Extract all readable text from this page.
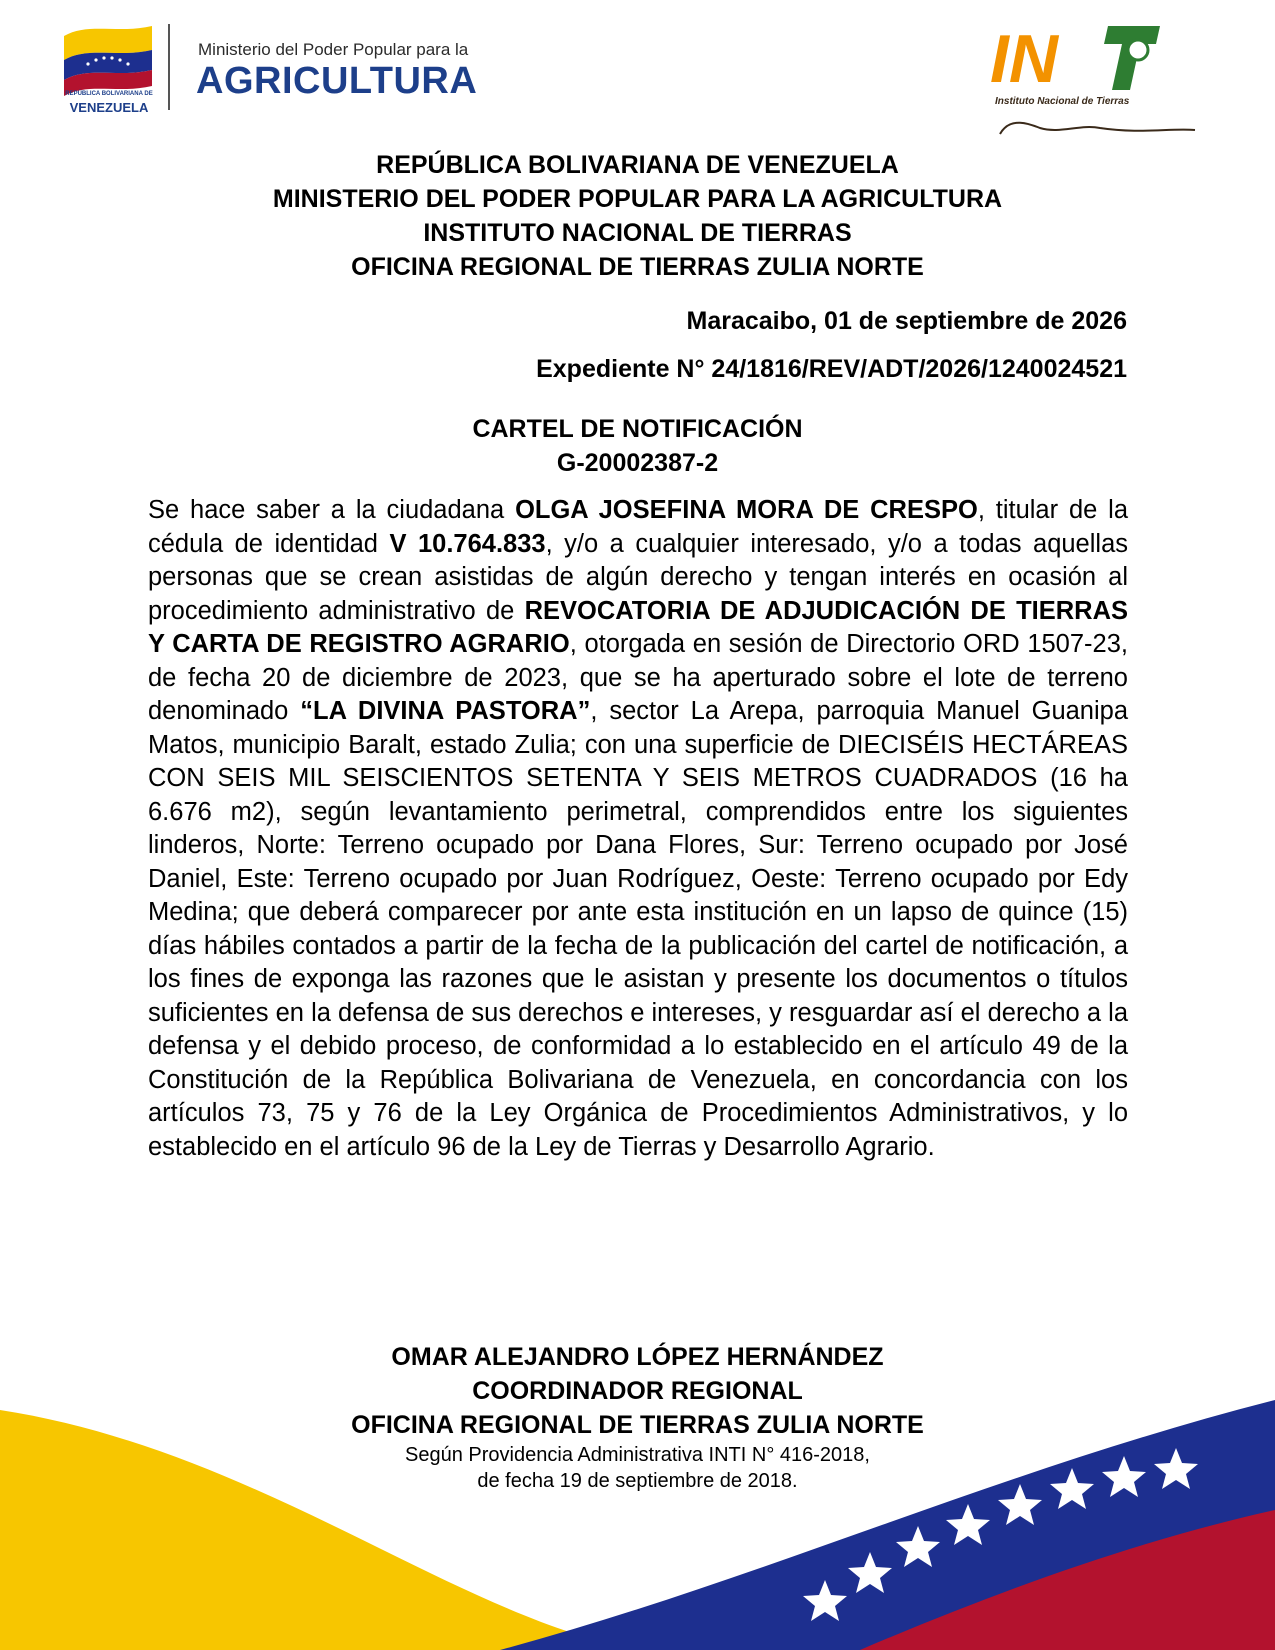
Ministerio del Poder Popular para la
AGRICULTURA
REPÚBLICA BOLIVARIANA DE
VENEZUELA
IN
Instituto Nacional de Tierras
REPÚBLICA BOLIVARIANA DE VENEZUELA
MINISTERIO DEL PODER POPULAR PARA LA AGRICULTURA
INSTITUTO NACIONAL DE TIERRAS
OFICINA REGIONAL DE TIERRAS ZULIA NORTE
Maracaibo, 01 de septiembre de 2026
Expediente N° 24/1816/REV/ADT/2026/1240024521
CARTEL DE NOTIFICACIÓN
G-20002387-2

Se hace saber a la ciudadana OLGA JOSEFINA MORA DE CRESPO, titular de la cédula de identidad V 10.764.833, y/o a cualquier interesado, y/o a todas aquellas personas que se crean asistidas de algún derecho y tengan interés en ocasión al procedimiento administrativo de REVOCATORIA DE ADJUDICACIÓN DE TIERRAS Y CARTA DE REGISTRO AGRARIO, otorgada en sesión de Directorio ORD 1507-23, de fecha 20 de diciembre de 2023, que se ha aperturado sobre el lote de terreno denominado “LA DIVINA PASTORA”, sector La Arepa, parroquia Manuel Guanipa Matos, municipio Baralt, estado Zulia; con una superficie de DIECISÉIS HECTÁREAS CON SEIS MIL SEISCIENTOS SETENTA Y SEIS METROS CUADRADOS (16 ha 6.676 m2), según levantamiento perimetral, comprendidos entre los siguientes linderos, Norte: Terreno ocupado por Dana Flores, Sur: Terreno ocupado por José Daniel, Este: Terreno ocupado por Juan Rodríguez, Oeste: Terreno ocupado por Edy Medina; que deberá comparecer por ante esta institución en un lapso de quince (15) días hábiles contados a partir de la fecha de la publicación del cartel de notificación, a los fines de exponga las razones que le asistan y presente los documentos o títulos suficientes en la defensa de sus derechos e intereses, y resguardar así el derecho a la defensa y el debido proceso, de conformidad a lo establecido en el artículo 49 de la Constitución de la República Bolivariana de Venezuela, en concordancia con los artículos 73, 75 y 76 de la Ley Orgánica de Procedimientos Administrativos, y lo establecido en el artículo 96 de la Ley de Tierras y Desarrollo Agrario.

OMAR ALEJANDRO LÓPEZ HERNÁNDEZ
COORDINADOR REGIONAL
OFICINA REGIONAL DE TIERRAS ZULIA NORTE
Según Providencia Administrativa INTI N° 416-2018,
de fecha 19 de septiembre de 2018.
